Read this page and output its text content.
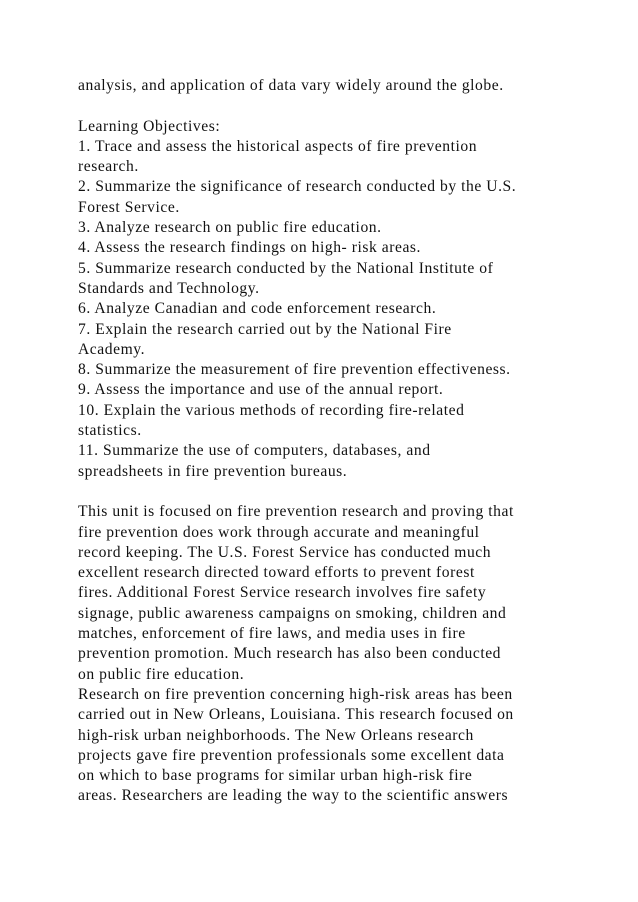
analysis, and application of data vary widely around the globe.
Learning Objectives:
1. Trace and assess the historical aspects of fire prevention
research.
2. Summarize the significance of research conducted by the U.S.
Forest Service.
3. Analyze research on public fire education.
4. Assess the research findings on high- risk areas.
5. Summarize research conducted by the National Institute of
Standards and Technology.
6. Analyze Canadian and code enforcement research.
7. Explain the research carried out by the National Fire
Academy.
8. Summarize the measurement of fire prevention effectiveness.
9. Assess the importance and use of the annual report.
10. Explain the various methods of recording fire-related
statistics.
11. Summarize the use of computers, databases, and
spreadsheets in fire prevention bureaus.
This unit is focused on fire prevention research and proving that
fire prevention does work through accurate and meaningful
record keeping. The U.S. Forest Service has conducted much
excellent research directed toward efforts to prevent forest
fires. Additional Forest Service research involves fire safety
signage, public awareness campaigns on smoking, children and
matches, enforcement of fire laws, and media uses in fire
prevention promotion. Much research has also been conducted
on public fire education.
Research on fire prevention concerning high-risk areas has been
carried out in New Orleans, Louisiana. This research focused on
high-risk urban neighborhoods. The New Orleans research
projects gave fire prevention professionals some excellent data
on which to base programs for similar urban high-risk fire
areas. Researchers are leading the way to the scientific answers
